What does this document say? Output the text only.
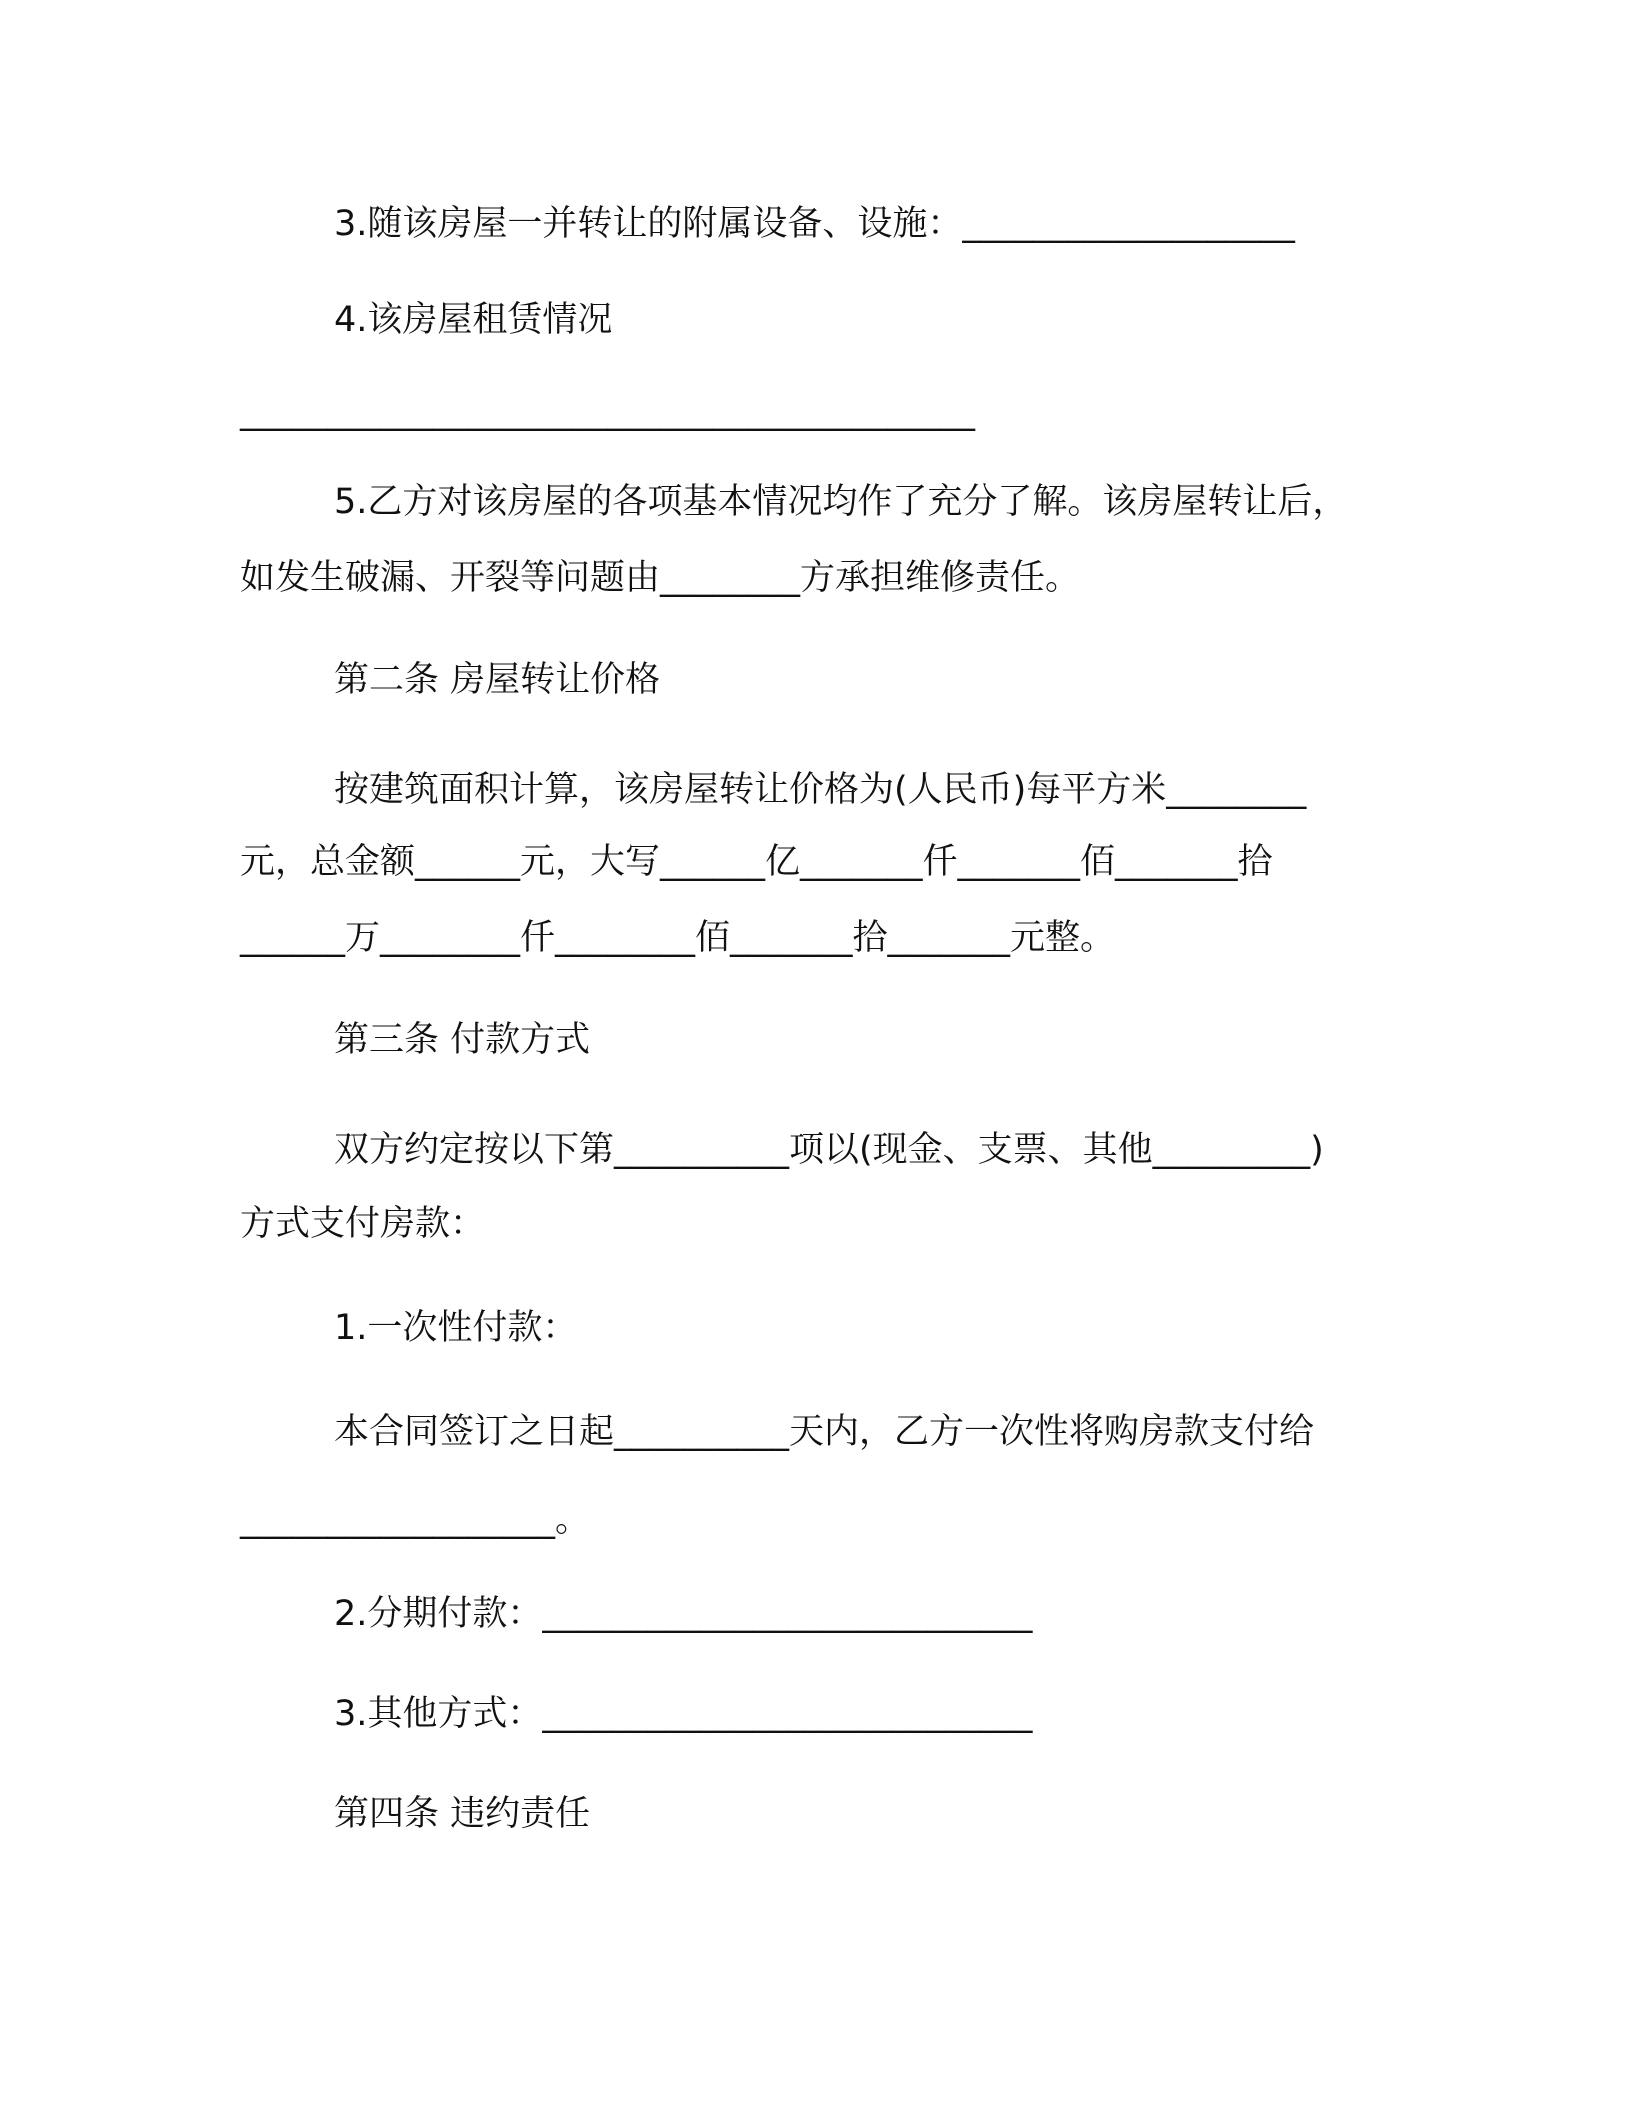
3.随该房屋一并转让的附属设备、设施：___________________
4.该房屋租赁情况
__________________________________________
5.乙方对该房屋的各项基本情况均作了充分了解。该房屋转让后，
如发生破漏、开裂等问题由________方承担维修责任。
第二条 房屋转让价格
按建筑面积计算，该房屋转让价格为(人民币)每平方米________
元，总金额______元，大写______亿_______仟_______佰_______拾
______万________仟________佰_______拾_______元整。
第三条 付款方式
双方约定按以下第__________项以(现金、支票、其他_________)
方式支付房款：
1.一次性付款：
本合同签订之日起__________天内，乙方一次性将购房款支付给
__________________。
2.分期付款：____________________________
3.其他方式：____________________________
第四条 违约责任
